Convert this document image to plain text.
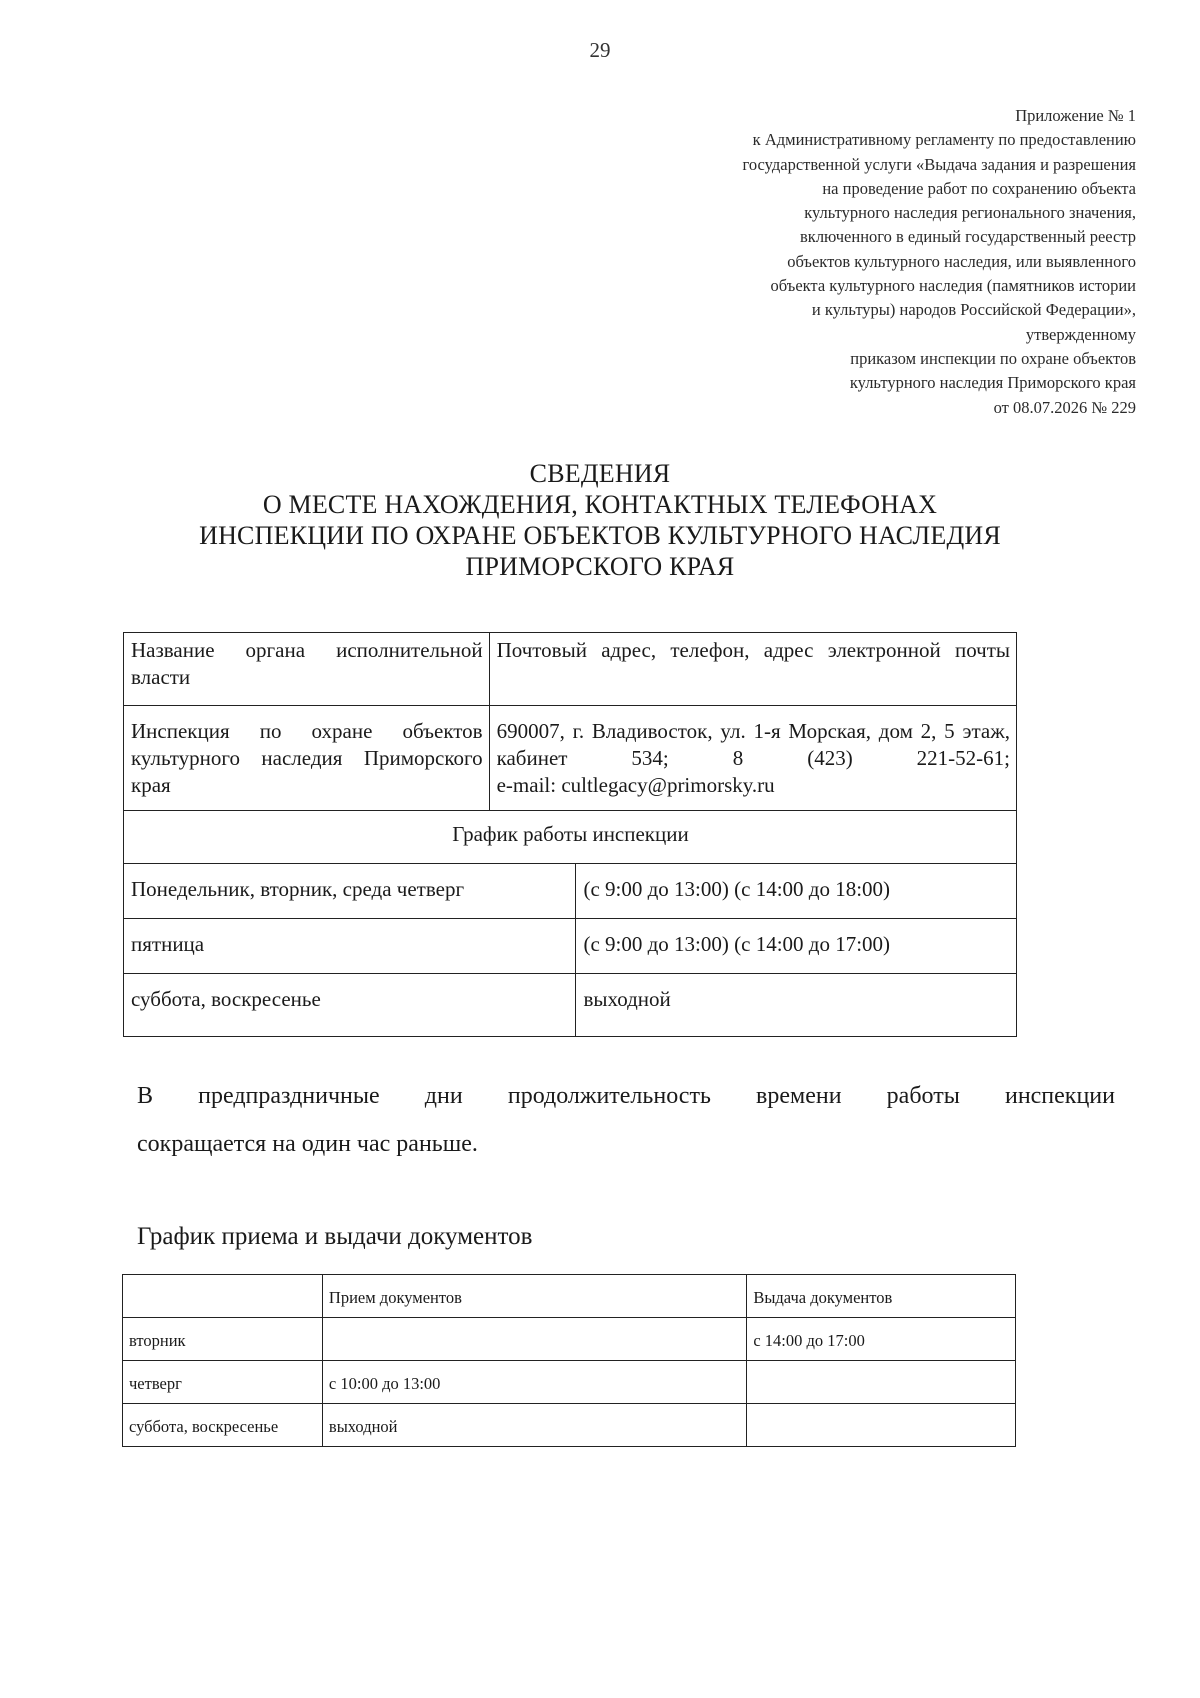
29
Приложение № 1
к Административному регламенту по предоставлению
государственной услуги «Выдача задания и разрешения
на проведение работ по сохранению объекта
культурного наследия регионального значения,
включенного в единый государственный реестр
объектов культурного наследия, или выявленного
объекта культурного наследия (памятников истории
и культуры) народов Российской Федерации»,
утвержденному
приказом инспекции по охране объектов
культурного наследия Приморского края
от 08.07.2026 № 229
СВЕДЕНИЯ
О МЕСТЕ НАХОЖДЕНИЯ, КОНТАКТНЫХ ТЕЛЕФОНАХ
ИНСПЕКЦИИ ПО ОХРАНЕ ОБЪЕКТОВ КУЛЬТУРНОГО НАСЛЕДИЯ
ПРИМОРСКОГО КРАЯ
Название органа исполнительной власти	Почтовый адрес, телефон, адрес электронной почты	
Инспекция по охране объектов культурного наследия Приморского края	690007, г. Владивосток, ул. 1-я Морская, дом 2, 5 этаж, кабинет 534; 8 (423) 221-52-61;
e-mail: cultlegacy@primorsky.ru	

График работы инспекции		
Понедельник, вторник, среда четверг		(с 9:00 до 13:00) (с 14:00 до 18:00)
пятница		(с 9:00 до 13:00) (с 14:00 до 17:00)
суббота, воскресенье		выходной
В предпраздничные дни продолжительность времени работы инспекции
сокращается на один час раньше.
График приема и выдачи документов
	Прием документов	Выдача документов
вторник		с 14:00 до 17:00
четверг	с 10:00 до 13:00	
суббота, воскресенье	выходной	
